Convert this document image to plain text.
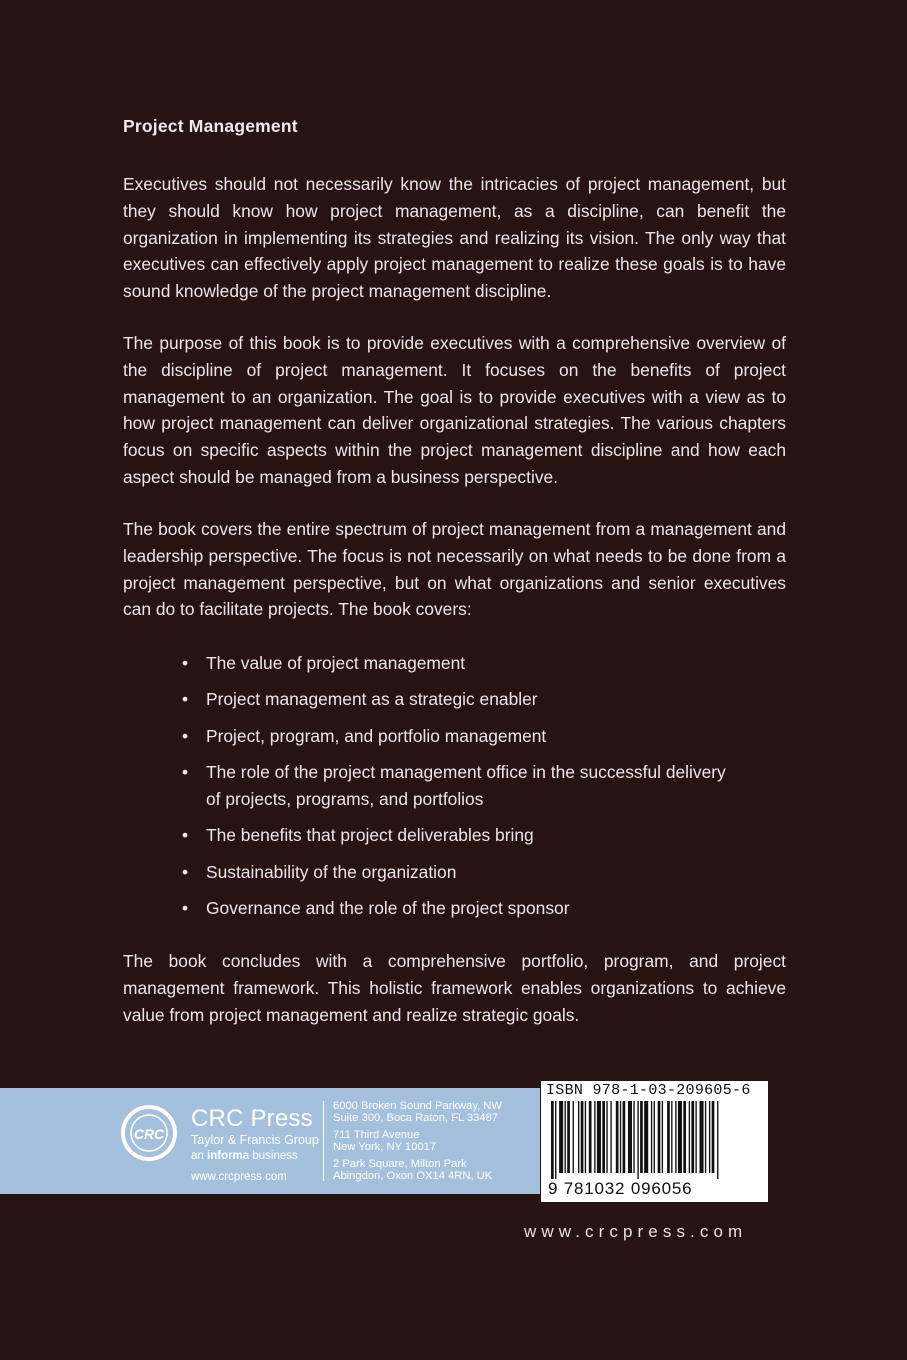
Project Management

Executives should not necessarily know the intricacies of project management, but they should know how project management, as a discipline, can benefit the organization in implementing its strategies and realizing its vision. The only way that executives can effectively apply project management to realize these goals is to have sound knowledge of the project management discipline.

The purpose of this book is to provide executives with a comprehensive overview of the discipline of project management. It focuses on the benefits of project management to an organization. The goal is to provide executives with a view as to how project management can deliver organizational strategies. The various chapters focus on specific aspects within the project management discipline and how each aspect should be managed from a business perspective.

The book covers the entire spectrum of project management from a management and leadership perspective. The focus is not necessarily on what needs to be done from a project management perspective, but on what organizations and senior executives can do to facilitate projects. The book covers:

• The value of project management
• Project management as a strategic enabler
• Project, program, and portfolio management
• The role of the project management office in the successful delivery of projects, programs, and portfolios
• The benefits that project deliverables bring
• Sustainability of the organization
• Governance and the role of the project sponsor

The book concludes with a comprehensive portfolio, program, and project management framework. This holistic framework enables organizations to achieve value from project management and realize strategic goals.

CRC
CRC Press
Taylor & Francis Group
an informa business
www.crcpress.com
6000 Broken Sound Parkway, NW
Suite 300, Boca Raton, FL 33487
711 Third Avenue
New York, NY 10017
2 Park Square, Milton Park
Abingdon, Oxon OX14 4RN, UK
ISBN 978-1-03-209605-6
9 781032 096056
www.crcpress.com
